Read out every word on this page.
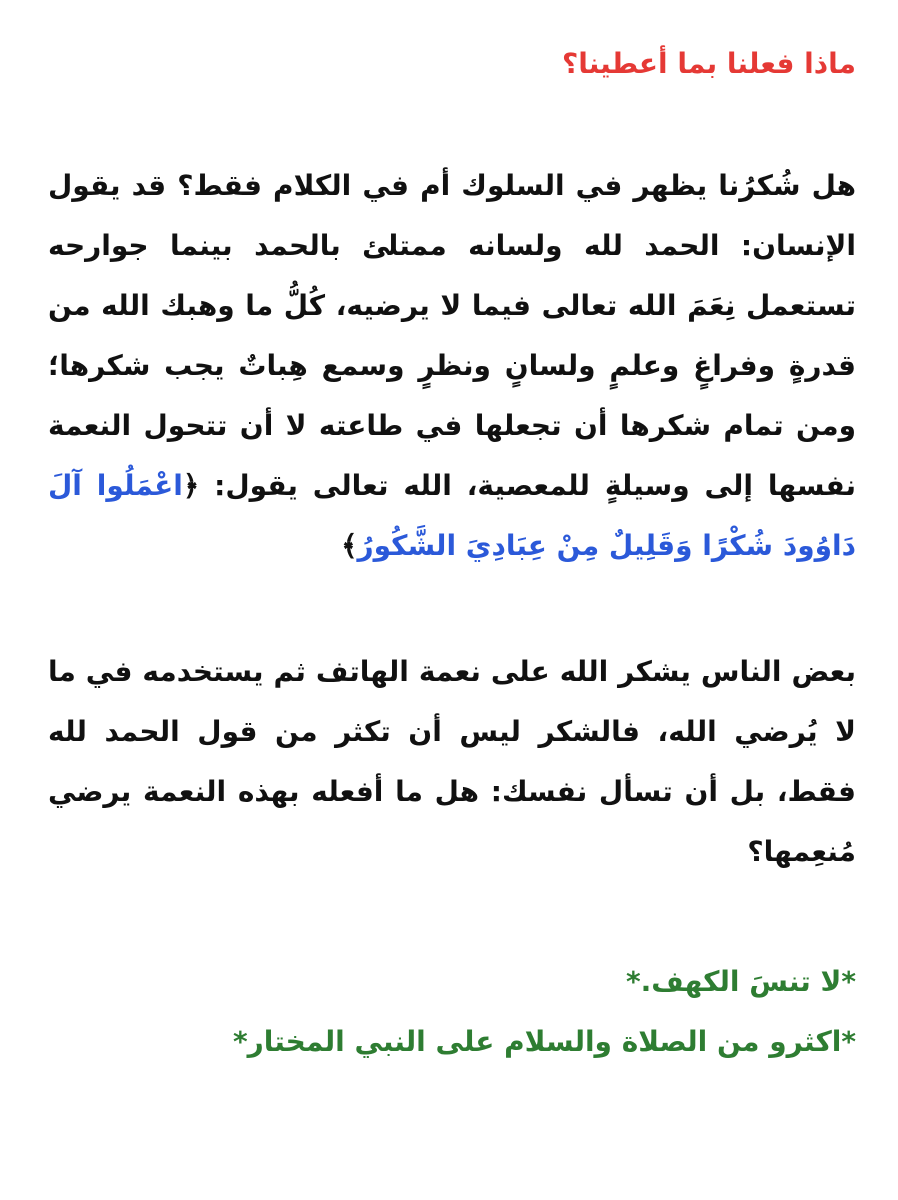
ماذا فعلنا بما أعطينا؟

هل شُكرُنا يظهر في السلوك أم في الكلام فقط؟ قد يقول الإنسان: الحمد لله ولسانه ممتلئ بالحمد بينما جوارحه تستعمل نِعَمَ الله تعالى فيما لا يرضيه، كُلُّ ما وهبك الله من قدرةٍ وفراغٍ وعلمٍ ولسانٍ ونظرٍ وسمع هِباتٌ يجب شكرها؛ ومن تمام شكرها أن تجعلها في طاعته لا أن تتحول النعمة نفسها إلى وسيلةٍ للمعصية، الله تعالى يقول: ﴿اعْمَلُوا آلَ دَاوُودَ شُكْرًا وَقَلِيلٌ مِنْ عِبَادِيَ الشَّكُورُ﴾

بعض الناس يشكر الله على نعمة الهاتف ثم يستخدمه في ما لا يُرضي الله، فالشكر ليس أن تكثر من قول الحمد لله فقط، بل أن تسأل نفسك: هل ما أفعله بهذه النعمة يرضي مُنعِمها؟

*لا تنسَ الكهف.*

*اكثرو من الصلاة والسلام على النبي المختار*
